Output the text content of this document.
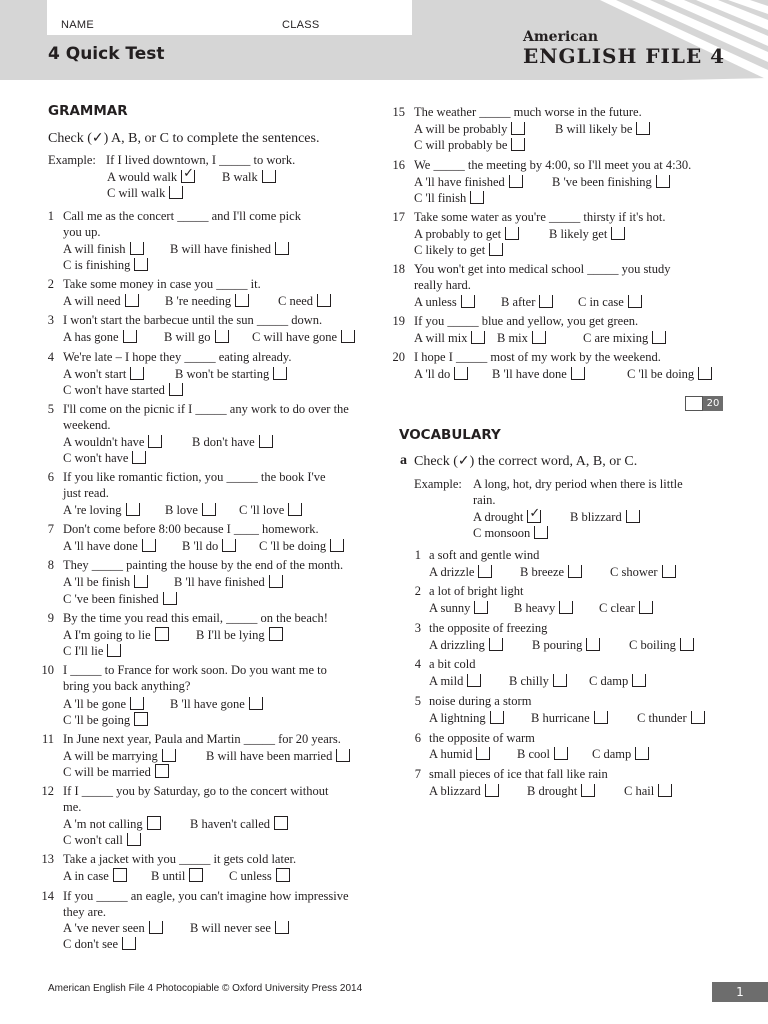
NAME	CLASS
4 Quick Test
American
ENGLISH FILE 4
GRAMMAR
Check (✓) A, B, or C to complete the sentences.
Example: If I lived downtown, I _____ to work.
A would walk ✓ B walk
C will walk
1 Call me as the concert _____ and I'll come pick
you up.
A will finish	B will have finished
C is finishing
2 Take some money in case you _____ it.
A will need	B 're needing	C need
3 I won't start the barbecue until the sun _____ down.
A has gone	B will go	C will have gone
4 We're late – I hope they _____ eating already.
A won't start	B won't be starting
C won't have started
5 I'll come on the picnic if I _____ any work to do over the
weekend.
A wouldn't have	B don't have
C won't have
6 If you like romantic fiction, you _____ the book I've
just read.
A 're loving	B love	C 'll love
7 Don't come before 8:00 because I ____ homework.
A 'll have done	B 'll do	C 'll be doing
8 They _____ painting the house by the end of the month.
A 'll be finish	B 'll have finished
C 've been finished
9 By the time you read this email, _____ on the beach!
A I'm going to lie	B I'll be lying
C I'll lie
10 I _____ to France for work soon. Do you want me to
bring you back anything?
A 'll be gone	B 'll have gone
C 'll be going
11 In June next year, Paula and Martin _____ for 20 years.
A will be marrying	B will have been married
C will be married
12 If I _____ you by Saturday, go to the concert without
me.
A 'm not calling	B haven't called
C won't call
13 Take a jacket with you _____ it gets cold later.
A in case	B until	C unless
14 If you _____ an eagle, you can't imagine how impressive
they are.
A 've never seen	B will never see
C don't see
15 The weather _____ much worse in the future.
A will be probably	B will likely be
C will probably be
16 We _____ the meeting by 4:00, so I'll meet you at 4:30.
A 'll have finished	B 've been finishing
C 'll finish
17 Take some water as you're _____ thirsty if it's hot.
A probably to get	B likely get
C likely to get
18 You won't get into medical school _____ you study
really hard.
A unless	B after	C in case
19 If you _____ blue and yellow, you get green.
A will mix	B mix	C are mixing
20 I hope I _____ most of my work by the weekend.
A 'll do	B 'll have done	C 'll be doing
20
VOCABULARY
a Check (✓) the correct word, A, B, or C.
Example: A long, hot, dry period when there is little
rain.
A drought ✓ B blizzard
C monsoon
1 a soft and gentle wind
A drizzle	B breeze	C shower
2 a lot of bright light
A sunny	B heavy	C clear
3 the opposite of freezing
A drizzling	B pouring	C boiling
4 a bit cold
A mild	B chilly	C damp
5 noise during a storm
A lightning	B hurricane	C thunder
6 the opposite of warm
A humid	B cool	C damp
7 small pieces of ice that fall like rain
A blizzard	B drought	C hail
American English File 4 Photocopiable © Oxford University Press 2014	1
